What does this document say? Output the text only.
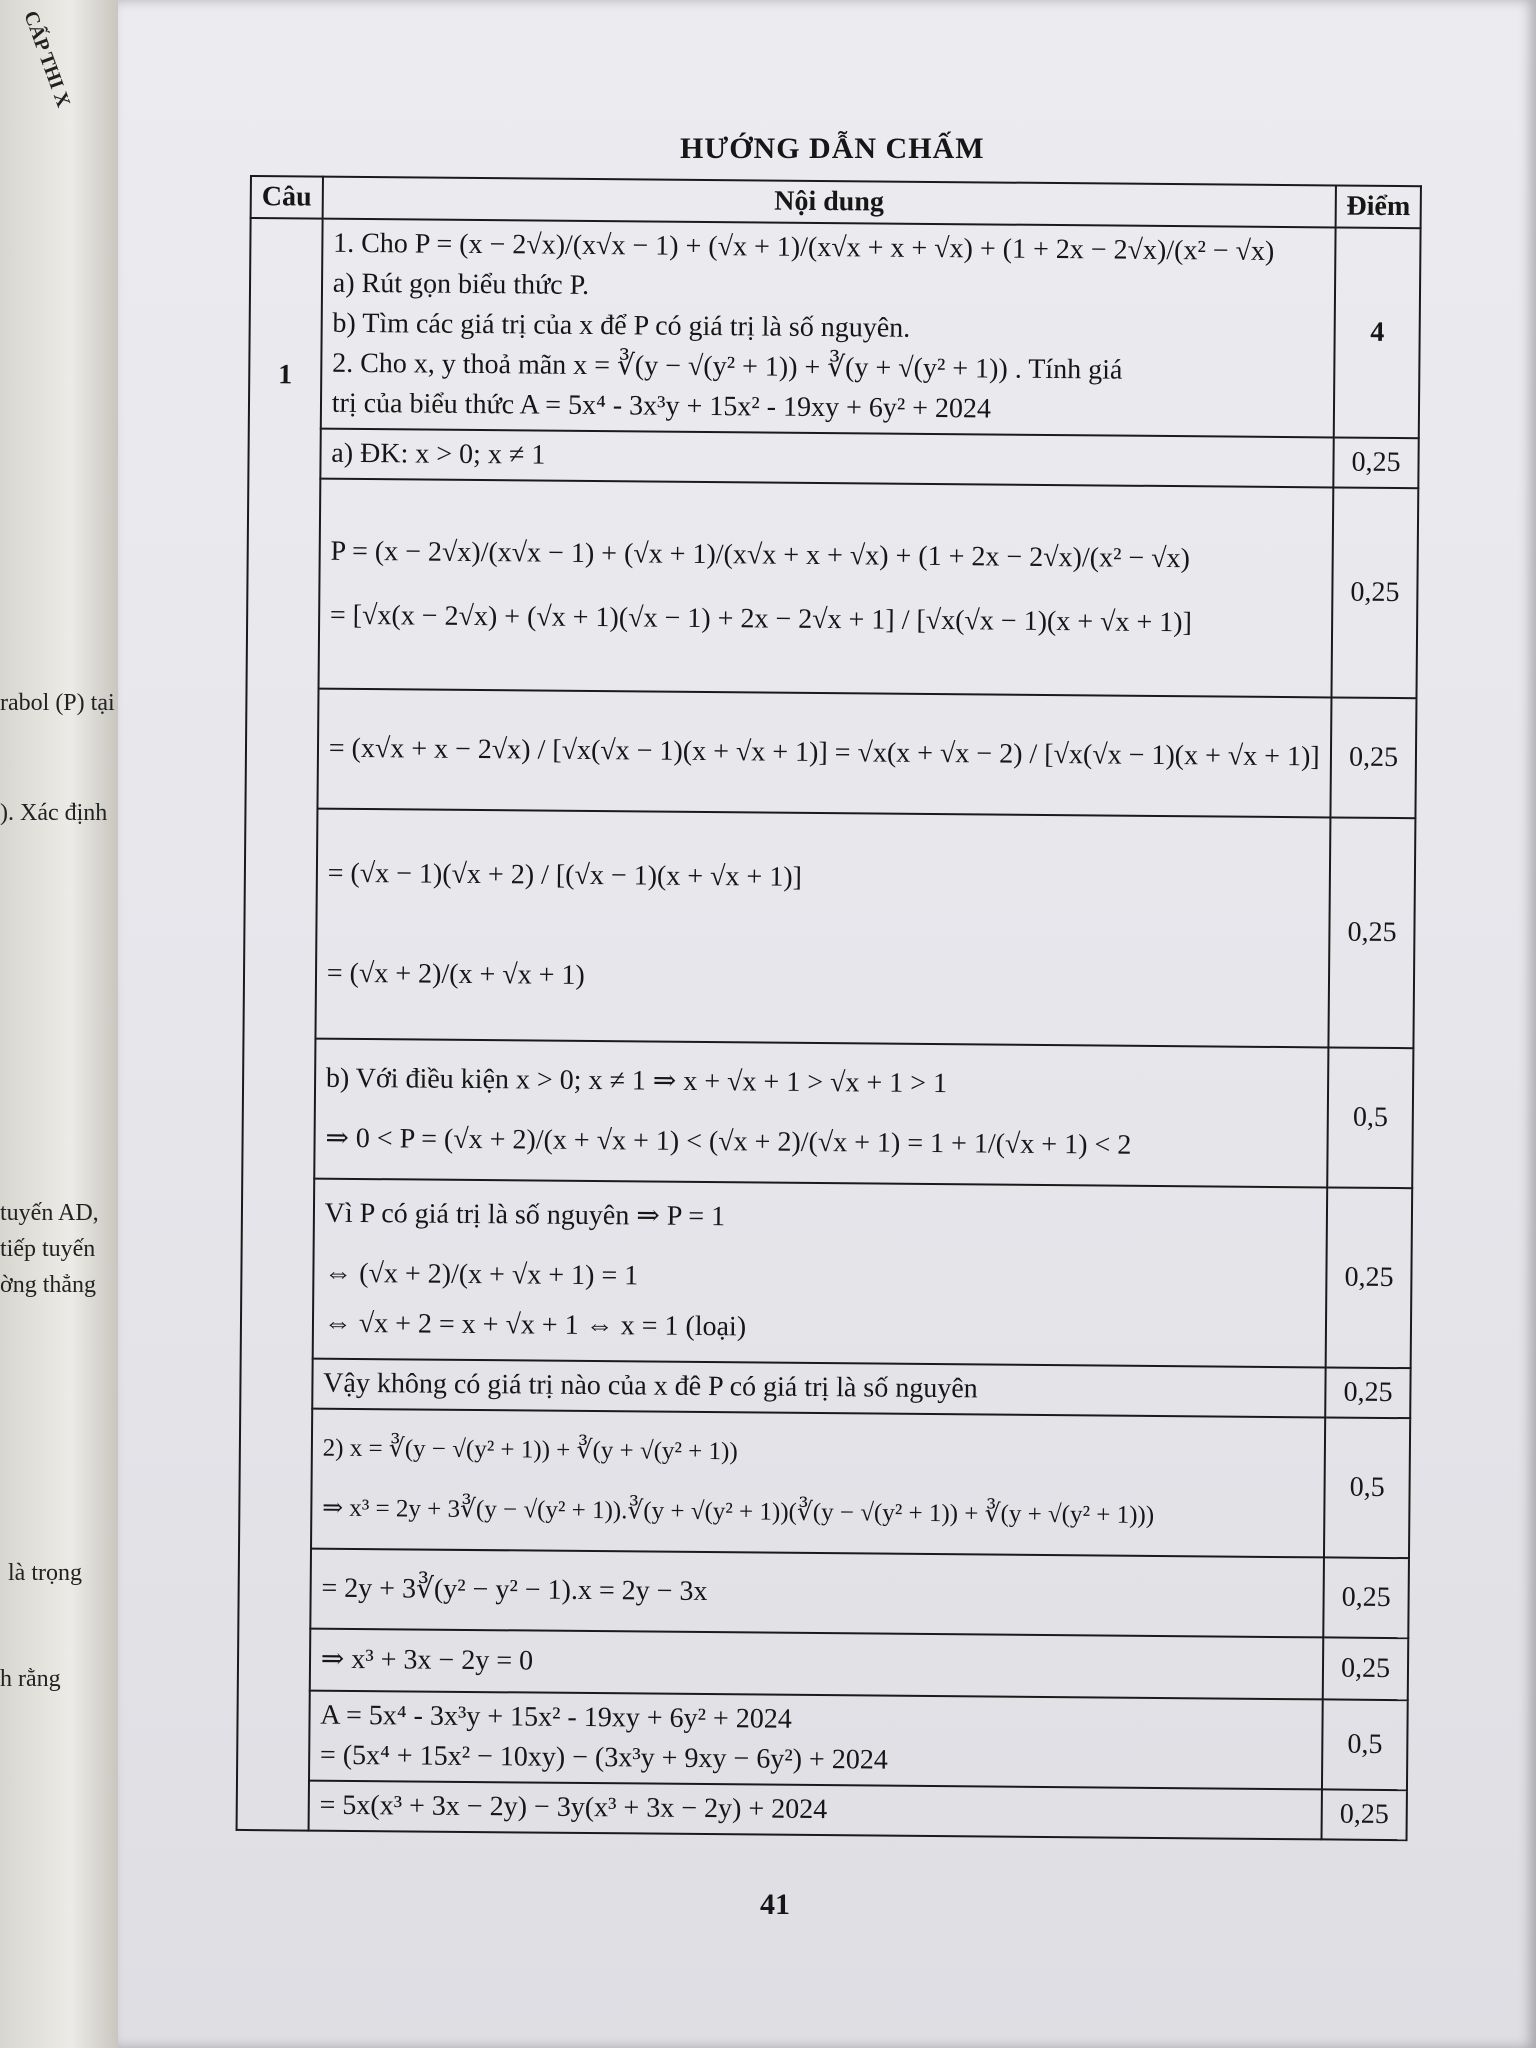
CẤP THI X
rabol (P) tại
). Xác định
tuyến AD,
tiếp tuyến
ờng thẳng
là trọng
h rằng
HƯỚNG DẪN CHẤM
Câu	Nội dung	Điểm
1	1. Cho P = (x − 2√x)/(x√x − 1) + (√x + 1)/(x√x + x + √x) + (1 + 2x − 2√x)/(x² − √x)
a) Rút gọn biểu thức P.
b) Tìm các giá trị của x để P có giá trị là số nguyên.
2. Cho x, y thoả mãn x = ∛(y − √(y² + 1)) + ∛(y + √(y² + 1)) . Tính giá
trị của biểu thức A = 5x⁴ - 3x³y + 15x² - 19xy + 6y² + 2024	4

	a) ĐK: x > 0; x ≠ 1	0,25

	P = (x − 2√x)/(x√x − 1) + (√x + 1)/(x√x + x + √x) + (1 + 2x − 2√x)/(x² − √x)
= [√x(x − 2√x) + (√x + 1)(√x − 1) + 2x − 2√x + 1] / [√x(√x − 1)(x + √x + 1)]	0,25

	= (x√x + x − 2√x) / [√x(√x − 1)(x + √x + 1)] = √x(x + √x − 2) / [√x(√x − 1)(x + √x + 1)]	0,25

	= (√x − 1)(√x + 2) / [(√x − 1)(x + √x + 1)]
= (√x + 2)/(x + √x + 1)	0,25

	b) Với điều kiện x > 0; x ≠ 1 ⇒ x + √x + 1 > √x + 1 > 1
⇒ 0 < P = (√x + 2)/(x + √x + 1) < (√x + 2)/(√x + 1) = 1 + 1/(√x + 1) < 2	0,5

	Vì P có giá trị là số nguyên ⇒ P = 1
⇔ (√x + 2)/(x + √x + 1) = 1
⇔ √x + 2 = x + √x + 1 ⇔ x = 1 (loại)	0,25

	Vậy không có giá trị nào của x đê P có giá trị là số nguyên	0,25

	2) x = ∛(y − √(y² + 1)) + ∛(y + √(y² + 1))
⇒ x³ = 2y + 3∛(y − √(y² + 1)).∛(y + √(y² + 1))(∛(y − √(y² + 1)) + ∛(y + √(y² + 1)))	0,5

	= 2y + 3∛(y² − y² − 1).x = 2y − 3x	0,25

	⇒ x³ + 3x − 2y = 0	0,25

	A = 5x⁴ - 3x³y + 15x² - 19xy + 6y² + 2024
= (5x⁴ + 15x² − 10xy) − (3x³y + 9xy − 6y²) + 2024	0,5

	= 5x(x³ + 3x − 2y) − 3y(x³ + 3x − 2y) + 2024	0,25
41
